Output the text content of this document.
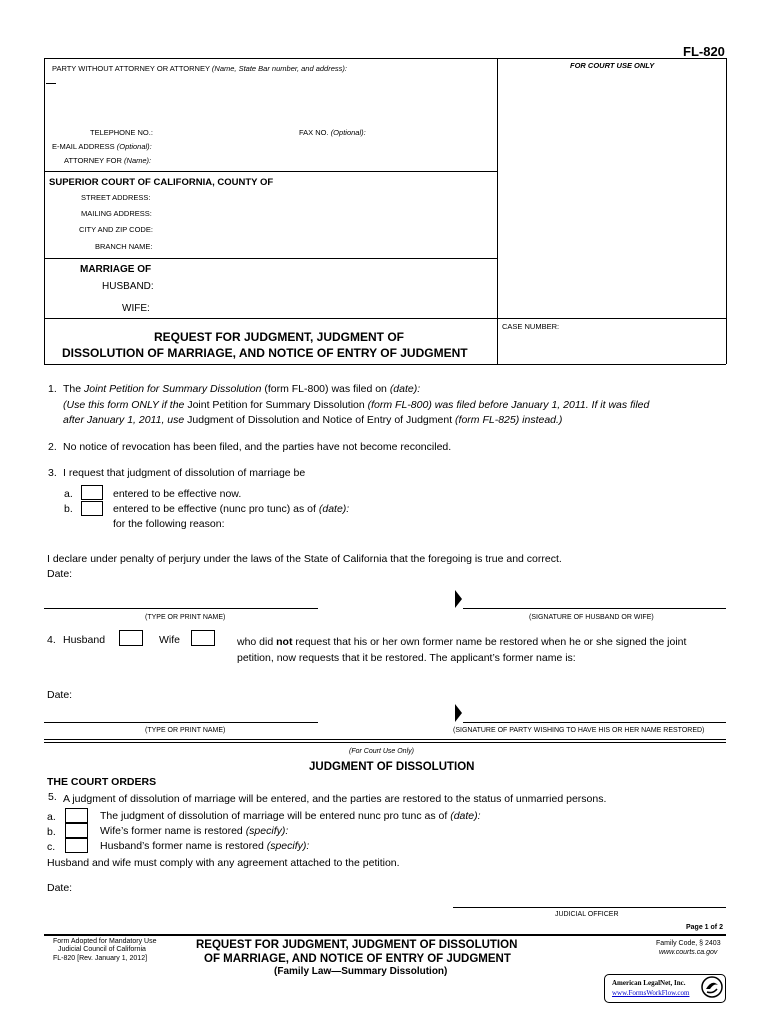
FL-820
PARTY WITHOUT ATTORNEY OR ATTORNEY (Name, State Bar number, and address):	FOR COURT USE ONLY
TELEPHONE NO.:	FAX NO. (Optional):
E-MAIL ADDRESS (Optional):
ATTORNEY FOR (Name):
SUPERIOR COURT OF CALIFORNIA, COUNTY OF
STREET ADDRESS:
MAILING ADDRESS:
CITY AND ZIP CODE:
BRANCH NAME:
MARRIAGE OF
HUSBAND:
WIFE:
CASE NUMBER:
REQUEST FOR JUDGMENT, JUDGMENT OF
DISSOLUTION OF MARRIAGE, AND NOTICE OF ENTRY OF JUDGMENT
1. The Joint Petition for Summary Dissolution (form FL-800) was filed on (date):
(Use this form ONLY if the Joint Petition for Summary Dissolution (form FL-800) was filed before January 1, 2011. If it was filed
after January 1, 2011, use Judgment of Dissolution and Notice of Entry of Judgment (form FL-825) instead.)
2. No notice of revocation has been filed, and the parties have not become reconciled.
3. I request that judgment of dissolution of marriage be
a.	entered to be effective now.
b.	entered to be effective (nunc pro tunc) as of (date):
for the following reason:
I declare under penalty of perjury under the laws of the State of California that the foregoing is true and correct.
Date:
(TYPE OR PRINT NAME)	(SIGNATURE OF HUSBAND OR WIFE)
4. Husband	Wife	who did not request that his or her own former name be restored when he or she signed the joint
petition, now requests that it be restored. The applicant’s former name is:
Date:
(TYPE OR PRINT NAME)	(SIGNATURE OF PARTY WISHING TO HAVE HIS OR HER NAME RESTORED)
(For Court Use Only)
JUDGMENT OF DISSOLUTION
THE COURT ORDERS
5. A judgment of dissolution of marriage will be entered, and the parties are restored to the status of unmarried persons.
a.	The judgment of dissolution of marriage will be entered nunc pro tunc as of (date):
b.	Wife’s former name is restored (specify):
c.	Husband’s former name is restored (specify):
Husband and wife must comply with any agreement attached to the petition.
Date:
JUDICIAL OFFICER
Page 1 of 2
Form Adopted for Mandatory Use
Judicial Council of California
FL-820 [Rev. January 1, 2012]
REQUEST FOR JUDGMENT, JUDGMENT OF DISSOLUTION
OF MARRIAGE, AND NOTICE OF ENTRY OF JUDGMENT
(Family Law—Summary Dissolution)
Family Code, § 2403
www.courts.ca.gov
American LegalNet, Inc.
www.FormsWorkFlow.com
